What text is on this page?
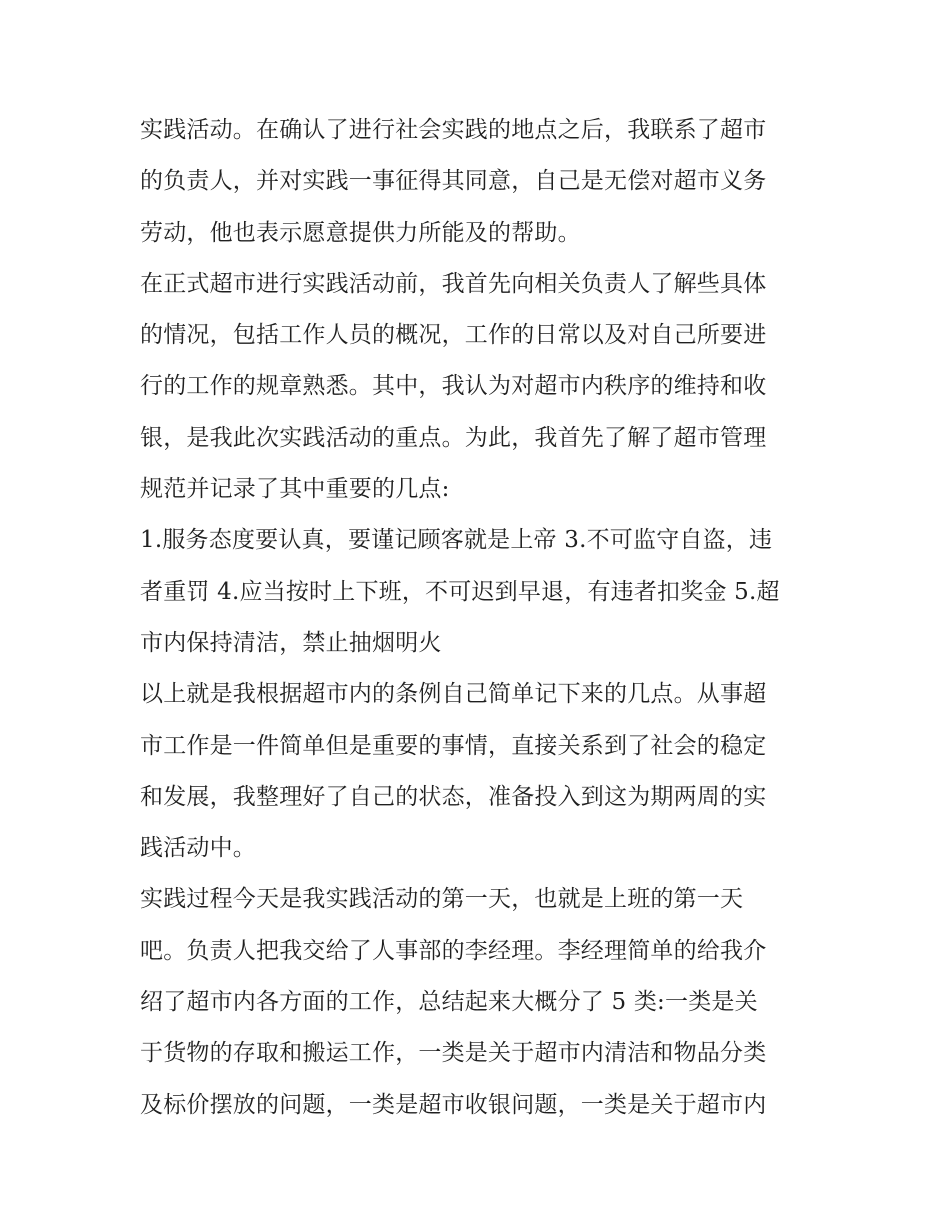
实践活动。在确认了进行社会实践的地点之后，我联系了超市
的负责人，并对实践一事征得其同意，自己是无偿对超市义务
劳动，他也表示愿意提供力所能及的帮助。
在正式超市进行实践活动前，我首先向相关负责人了解些具体
的情况，包括工作人员的概况，工作的日常以及对自己所要进
行的工作的规章熟悉。其中，我认为对超市内秩序的维持和收
银，是我此次实践活动的重点。为此，我首先了解了超市管理
规范并记录了其中重要的几点:
1.服务态度要认真，要谨记顾客就是上帝 3.不可监守自盗，违
者重罚 4.应当按时上下班，不可迟到早退，有违者扣奖金 5.超
市内保持清洁，禁止抽烟明火
以上就是我根据超市内的条例自己简单记下来的几点。从事超
市工作是一件简单但是重要的事情，直接关系到了社会的稳定
和发展，我整理好了自己的状态，准备投入到这为期两周的实
践活动中。
实践过程今天是我实践活动的第一天，也就是上班的第一天
吧。负责人把我交给了人事部的李经理。李经理简单的给我介
绍了超市内各方面的工作，总结起来大概分了 5 类:一类是关
于货物的存取和搬运工作，一类是关于超市内清洁和物品分类
及标价摆放的问题，一类是超市收银问题，一类是关于超市内
